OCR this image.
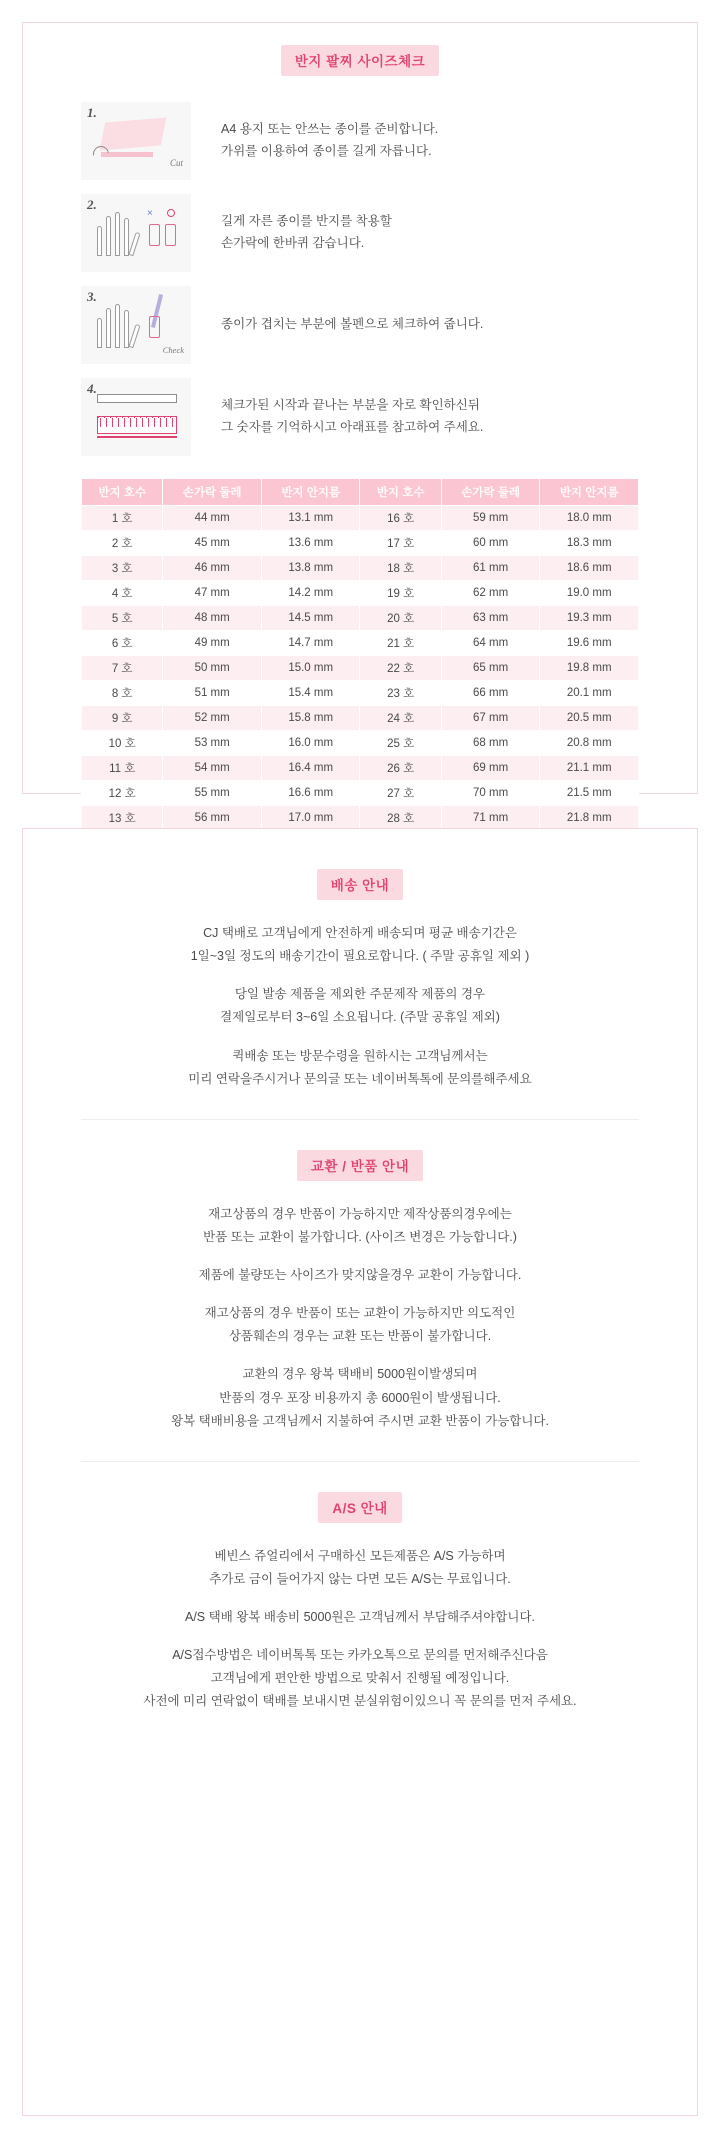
반지 팔찌 사이즈체크
1.
Cut
A4 용지 또는 안쓰는 종이를 준비합니다.
가위를 이용하여 종이를 길게 자릅니다.
2.
×
길게 자른 종이를 반지를 착용할
손가락에 한바퀴 감습니다.
3.
Check
종이가 겹치는 부분에 볼펜으로 체크하여 줍니다.
4.
체크가된 시작과 끝나는 부분을 자로 확인하신뒤
그 숫자를 기억하시고 아래표를 참고하여 주세요.
반지 호수	손가락 둘레	반지 안지름	반지 호수	손가락 둘레	반지 안지름
1 호	44 mm	13.1 mm	16 호	59 mm	18.0 mm
2 호	45 mm	13.6 mm	17 호	60 mm	18.3 mm
3 호	46 mm	13.8 mm	18 호	61 mm	18.6 mm
4 호	47 mm	14.2 mm	19 호	62 mm	19.0 mm
5 호	48 mm	14.5 mm	20 호	63 mm	19.3 mm
6 호	49 mm	14.7 mm	21 호	64 mm	19.6 mm
7 호	50 mm	15.0 mm	22 호	65 mm	19.8 mm
8 호	51 mm	15.4 mm	23 호	66 mm	20.1 mm
9 호	52 mm	15.8 mm	24 호	67 mm	20.5 mm
10 호	53 mm	16.0 mm	25 호	68 mm	20.8 mm
11 호	54 mm	16.4 mm	26 호	69 mm	21.1 mm
12 호	55 mm	16.6 mm	27 호	70 mm	21.5 mm
13 호	56 mm	17.0 mm	28 호	71 mm	21.8 mm

배송 안내
CJ 택배로 고객님에게 안전하게 배송되며 평균 배송기간은
1일~3일 정도의 배송기간이 필요로합니다. ( 주말 공휴일 제외 )
당일 발송 제품을 제외한 주문제작 제품의 경우
결제일로부터 3~6일 소요됩니다. (주말 공휴일 제외)
퀵배송 또는 방문수령을 원하시는 고객님께서는
미리 연락을주시거나 문의글 또는 네이버톡톡에 문의를해주세요
교환 / 반품 안내
재고상품의 경우 반품이 가능하지만 제작상품의경우에는
반품 또는 교환이 불가합니다. (사이즈 변경은 가능합니다.)
제품에 불량또는 사이즈가 맞지않을경우 교환이 가능합니다.
재고상품의 경우 반품이 또는 교환이 가능하지만 의도적인
상품훼손의 경우는 교환 또는 반품이 불가합니다.
교환의 경우 왕복 택배비 5000원이발생되며
반품의 경우 포장 비용까지 총 6000원이 발생됩니다.
왕복 택배비용을 고객님께서 지불하여 주시면 교환 반품이 가능합니다.
A/S 안내
베빈스 쥬얼리에서 구매하신 모든제품은 A/S 가능하며
추가로 금이 들어가지 않는 다면 모든 A/S는 무료입니다.
A/S 택배 왕복 배송비 5000원은 고객님께서 부담해주셔야합니다.
A/S접수방법은 네이버톡톡 또는 카카오톡으로 문의를 먼저해주신다음
고객님에게 편안한 방법으로 맞춰서 진행될 예정입니다.
사전에 미리 연락없이 택배를 보내시면 분실위험이있으니 꼭 문의를 먼저 주세요.
